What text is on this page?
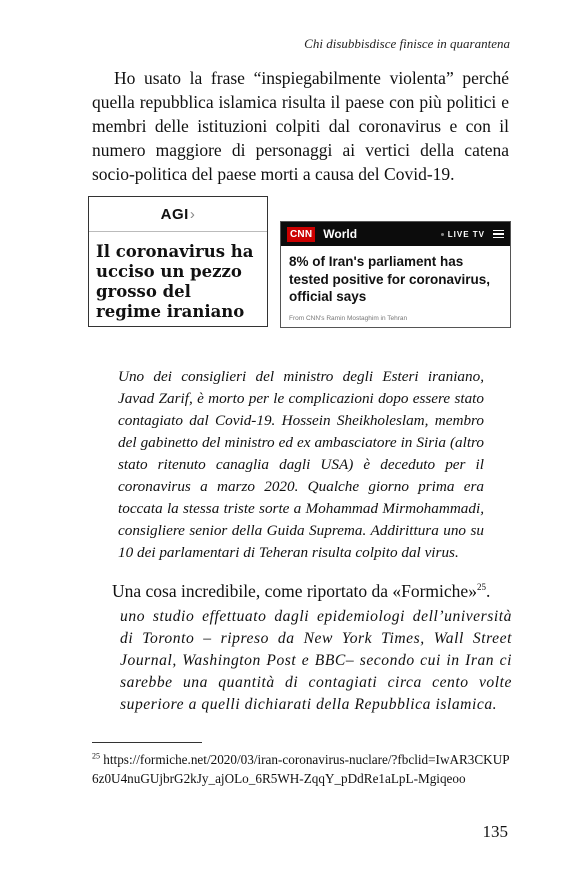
Chi disubbisdisce finisce in quarantena

Ho usato la frase “inspiegabilmente violenta” perché quella repubblica islamica risulta il paese con più politici e membri delle istituzioni colpiti dal coronavirus e con il numero maggiore di personaggi ai vertici della catena socio-politica del paese morti a causa del Covid-19.

AGI ›
Il coronavirus ha ucciso un pezzo grosso del regime iraniano
CNN World	LIVE TV
8% of Iran's parliament has tested positive for coronavirus, official says
From CNN's Ramin Mostaghim in Tehran

Uno dei consiglieri del ministro degli Esteri iraniano, Javad Zarif, è morto per le complicazioni dopo essere stato contagiato dal Covid-19. Hossein Sheikholeslam, membro del gabinetto del ministro ed ex ambasciatore in Siria (altro stato ritenuto canaglia dagli USA) è deceduto per il coronavirus a marzo 2020. Qualche giorno prima era toccata la stessa triste sorte a Mohammad Mirmohammadi, consigliere senior della Guida Suprema. Addirittura uno su 10 dei parlamentari di Teheran risulta colpito dal virus.

Una cosa incredibile, come riportato da «Formiche»$^{25}$.

uno studio effettuato dagli epidemiologi dell’università di Toronto – ripreso da New York Times, Wall Street Journal, Washington Post e BBC– secondo cui in Iran ci sarebbe una quantità di contagiati circa cento volte superiore a quelli dichiarati della Repubblica islamica.

$^{25}$ https://formiche.net/2020/03/iran-coronavirus-nuclare/?fbclid=IwAR3CKUP6z0U4nuGUjbrG2kJy_ajOLo_6R5WH-ZqqY_pDdRe1aLpL-Mgiqeoo

135
